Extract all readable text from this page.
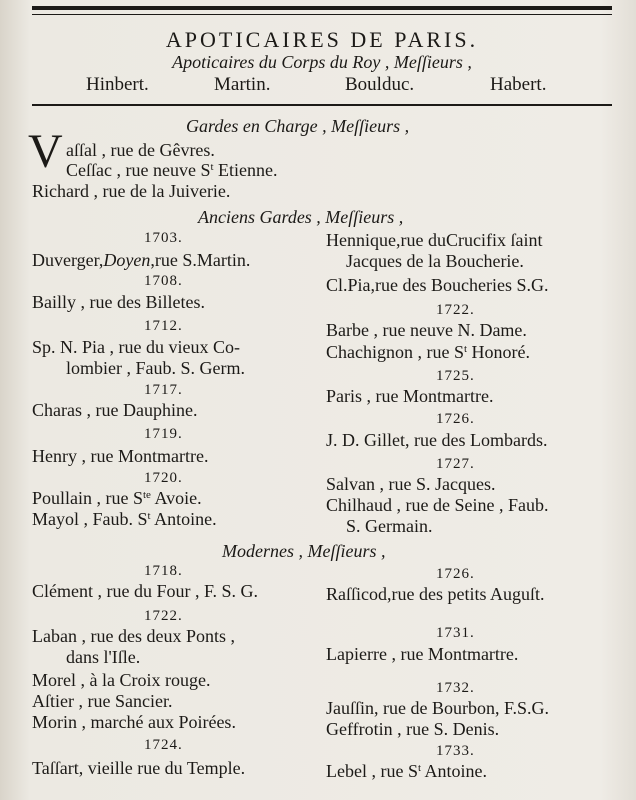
APOTICAIRES DE PARIS.
Apoticaires du Corps du Roy , Meſſieurs ,
Hinbert.	Martin.	Boulduc.	Habert.
Gardes en Charge , Meſſieurs ,
V aſſal , rue de Gêvres.
Ceſſac , rue neuve $S^t$ Etienne.
Richard , rue de la Juiverie.
Anciens Gardes , Meſſieurs ,
1703.
Duverger,Doyen,rue S.Martin.
1708.
Bailly , rue des Billetes.
1712.
Sp. N. Pia , rue du vieux Co-
lombier , Faub. S. Germ.
1717.
Charas , rue Dauphine.
1719.
Henry , rue Montmartre.
1720.
Poullain , rue $S^{te}$ Avoie.
Mayol , Faub. $S^t$ Antoine.
Hennique,rue duCrucifix ſaint
Jacques de la Boucherie.
Cl.Pia,rue des Boucheries S.G.
1722.
Barbe , rue neuve N. Dame.
Chachignon , rue $S^t$ Honoré.
1725.
Paris , rue Montmartre.
1726.
J. D. Gillet, rue des Lombards.
1727.
Salvan , rue S. Jacques.
Chilhaud , rue de Seine , Faub.
S. Germain.
Modernes , Meſſieurs ,
1718.
Clément , rue du Four , F. S. G.
1722.
Laban , rue des deux Ponts ,
dans l'Iſle.
Morel , à la Croix rouge.
Aſtier , rue Sancier.
Morin , marché aux Poirées.
1724.
Taſſart, vieille rue du Temple.
1726.
Raſſicod,rue des petits Auguſt.
1731.
Lapierre , rue Montmartre.
1732.
Jauſſin, rue de Bourbon, F.S.G.
Geffrotin , rue S. Denis.
1733.
Lebel , rue $S^t$ Antoine.
